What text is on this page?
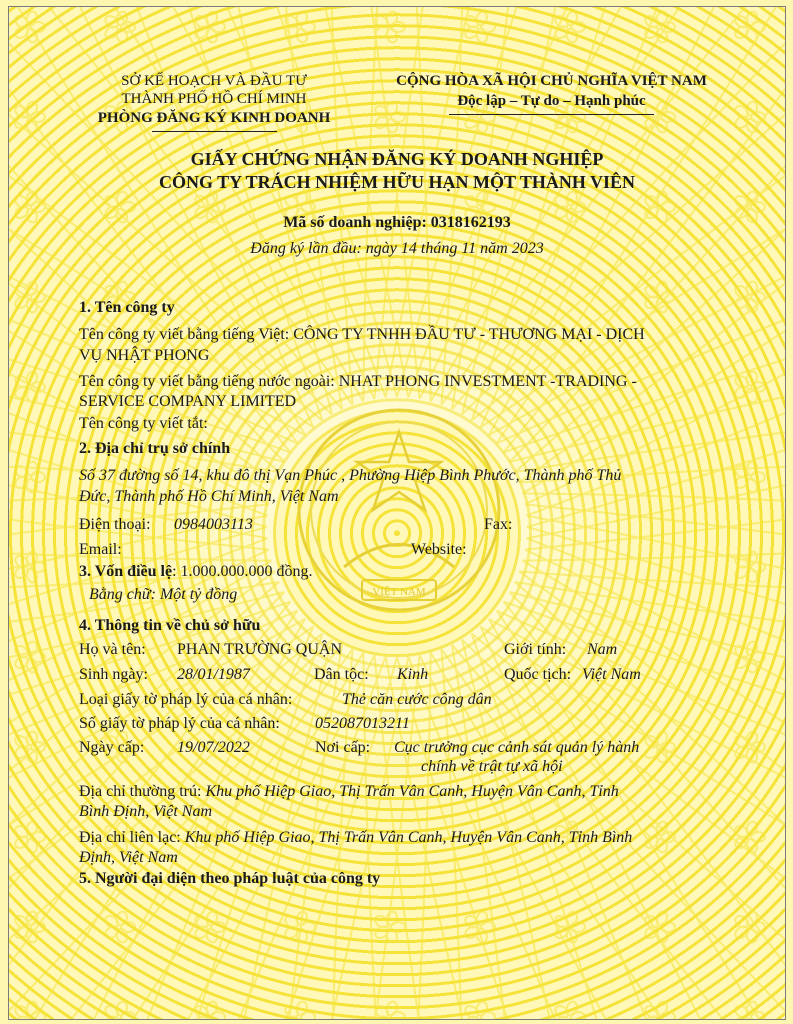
VIỆT NAM
SỞ KẾ HOẠCH VÀ ĐẦU TƯ
THÀNH PHỐ HỒ CHÍ MINH
PHÒNG ĐĂNG KÝ KINH DOANH
CỘNG HÒA XÃ HỘI CHỦ NGHĨA VIỆT NAM
Độc lập – Tự do – Hạnh phúc
GIẤY CHỨNG NHẬN ĐĂNG KÝ DOANH NGHIỆP
CÔNG TY TRÁCH NHIỆM HỮU HẠN MỘT THÀNH VIÊN
Mã số doanh nghiệp: 0318162193
Đăng ký lần đầu: ngày 14 tháng 11 năm 2023
1. Tên công ty
Tên công ty viết bằng tiếng Việt: CÔNG TY TNHH ĐẦU TƯ - THƯƠNG MẠI - DỊCH
VỤ NHẬT PHONG
Tên công ty viết bằng tiếng nước ngoài: NHAT PHONG INVESTMENT -TRADING -
SERVICE COMPANY LIMITED
Tên công ty viết tắt:
2. Địa chỉ trụ sở chính
Số 37 đường số 14, khu đô thị Vạn Phúc , Phường Hiệp Bình Phước, Thành phố Thủ
Đức, Thành phố Hồ Chí Minh, Việt Nam
Điện thoại: 0984003113	Fax:
Email:	Website:
3. Vốn điều lệ: 1.000.000.000 đồng.
Bằng chữ: Một tỷ đồng
4. Thông tin về chủ sở hữu
Họ và tên: PHAN TRƯỜNG QUẬN	Giới tính: Nam
Sinh ngày: 28/01/1987	Dân tộc: Kinh	Quốc tịch: Việt Nam
Loại giấy tờ pháp lý của cá nhân:	Thẻ căn cước công dân
Số giấy tờ pháp lý của cá nhân: 052087013211
Ngày cấp: 19/07/2022	Nơi cấp: Cục trưởng cục cảnh sát quản lý hành
chính về trật tự xã hội
Địa chỉ thường trú: Khu phố Hiệp Giao, Thị Trấn Vân Canh, Huyện Vân Canh, Tỉnh
Bình Định, Việt Nam
Địa chỉ liên lạc: Khu phố Hiệp Giao, Thị Trấn Vân Canh, Huyện Vân Canh, Tỉnh Bình
Định, Việt Nam
5. Người đại diện theo pháp luật của công ty
